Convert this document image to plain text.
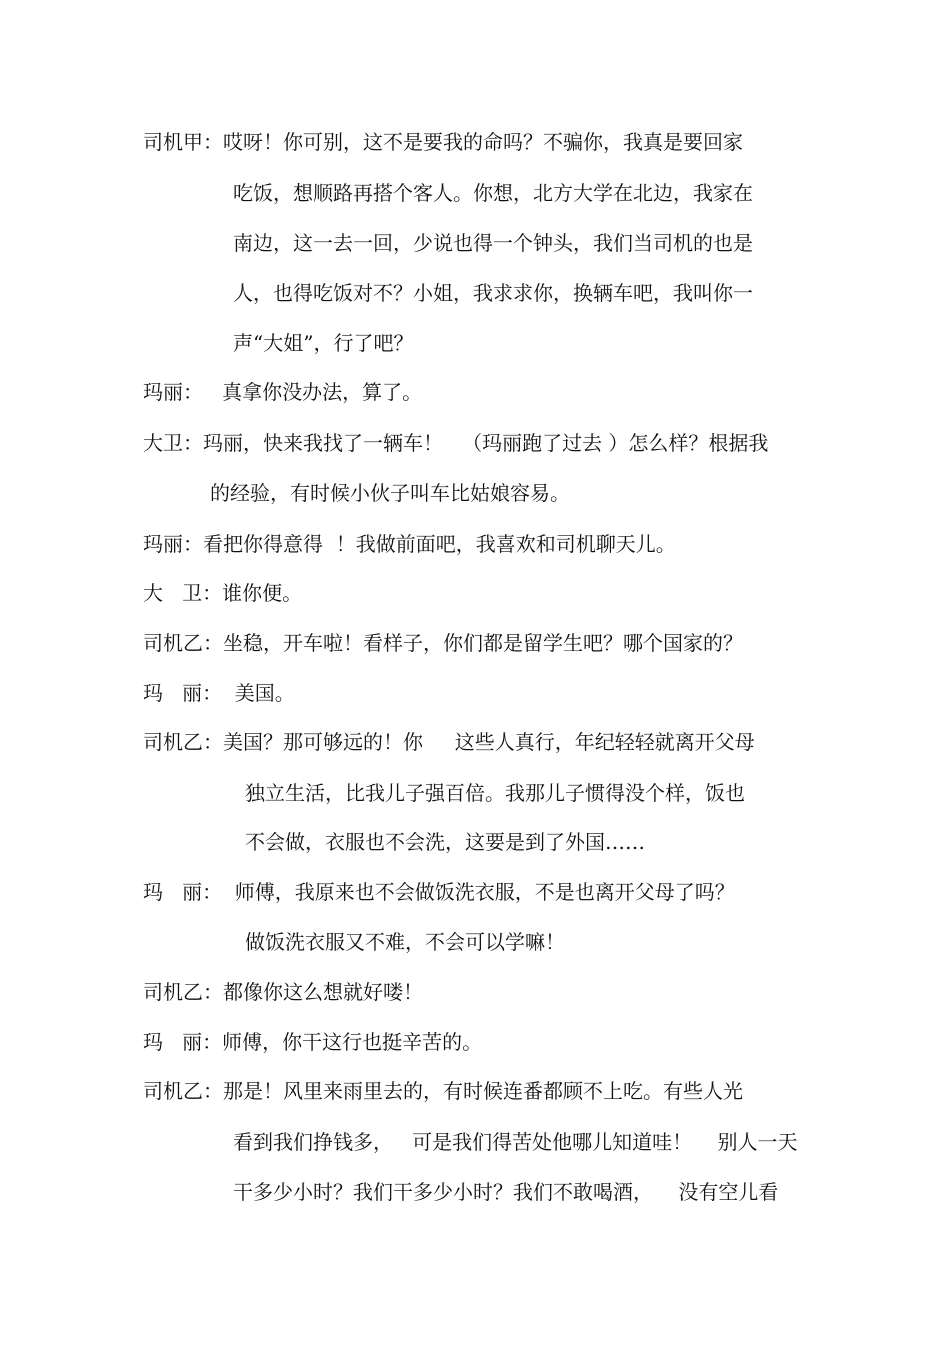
司机甲：哎呀！你可别，这不是要我的命吗？不骗你，我真是要回家
吃饭，想顺路再搭个客人。你想，北方大学在北边，我家在
南边，这一去一回，少说也得一个钟头，我们当司机的也是
人，也得吃饭对不？小姐，我求求你，换辆车吧，我叫你一
声“大姐”，行了吧？
玛丽：   真拿你没办法，算了。
大卫：玛丽，快来我找了一辆车！   （玛丽跑了过去 ）怎么样？根据我
的经验，有时候小伙子叫车比姑娘容易。
玛丽：看把你得意得  ！我做前面吧，我喜欢和司机聊天儿。
大   卫：谁你便。
司机乙：坐稳，开车啦！看样子，你们都是留学生吧？哪个国家的？
玛   丽：  美国。
司机乙：美国？那可够远的！你     这些人真行，年纪轻轻就离开父母
独立生活，比我儿子强百倍。我那儿子惯得没个样，饭也
不会做，衣服也不会洗，这要是到了外国……
玛   丽：  师傅，我原来也不会做饭洗衣服，不是也离开父母了吗？
做饭洗衣服又不难，不会可以学嘛！
司机乙：都像你这么想就好喽！
玛   丽：师傅，你干这行也挺辛苦的。
司机乙：那是！风里来雨里去的，有时候连番都顾不上吃。有些人光
看到我们挣钱多，   可是我们得苦处他哪儿知道哇！    别人一天
干多少小时？我们干多少小时？我们不敢喝酒，    没有空儿看
